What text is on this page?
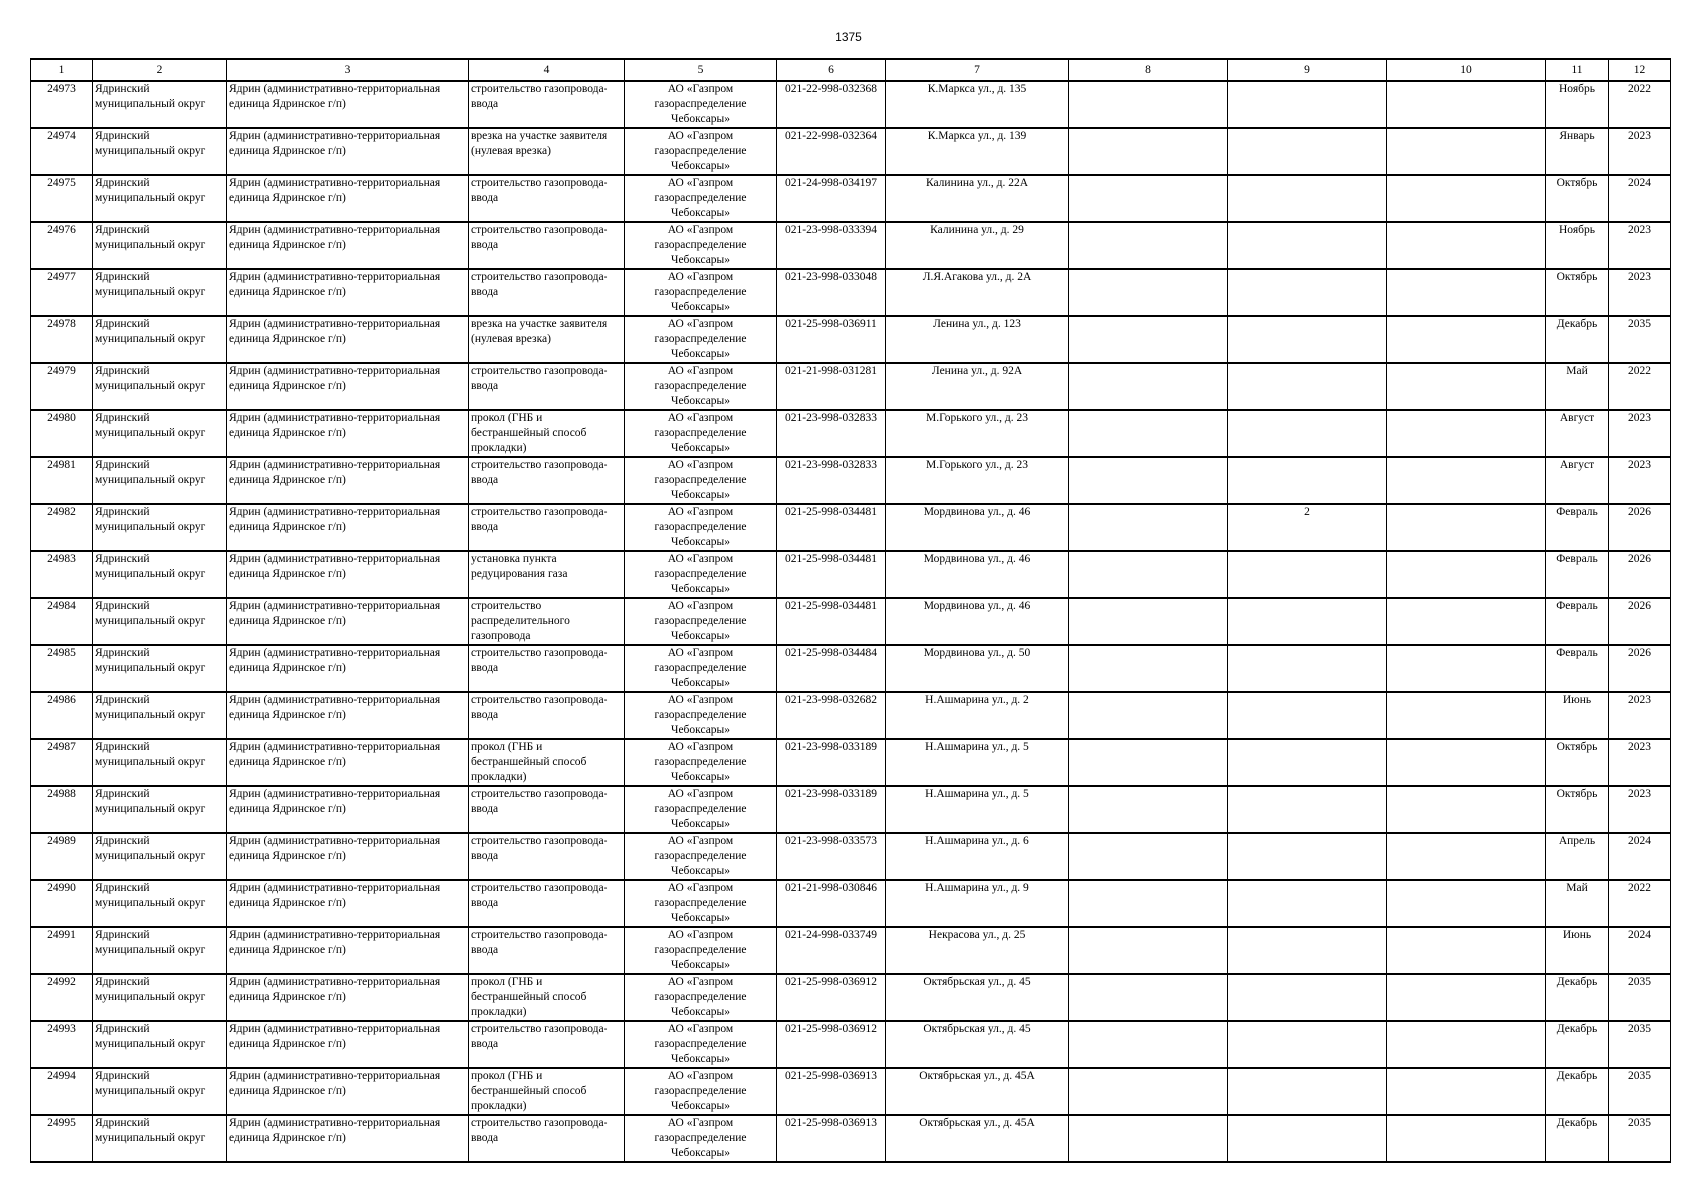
1375
1	2	3	4	5	6	7	8	9	10	11	12
24973	Ядринский муниципальный округ	Ядрин (административно-территориальная единица Ядринское г/п)	строительство газопровода-ввода	АО «Газпром газораспределение Чебоксары»	021-22-998-032368	К.Маркса ул., д. 135				Ноябрь	2022
24974	Ядринский муниципальный округ	Ядрин (административно-территориальная единица Ядринское г/п)	врезка на участке заявителя (нулевая врезка)	АО «Газпром газораспределение Чебоксары»	021-22-998-032364	К.Маркса ул., д. 139				Январь	2023
24975	Ядринский муниципальный округ	Ядрин (административно-территориальная единица Ядринское г/п)	строительство газопровода-ввода	АО «Газпром газораспределение Чебоксары»	021-24-998-034197	Калинина ул., д. 22А				Октябрь	2024
24976	Ядринский муниципальный округ	Ядрин (административно-территориальная единица Ядринское г/п)	строительство газопровода-ввода	АО «Газпром газораспределение Чебоксары»	021-23-998-033394	Калинина ул., д. 29				Ноябрь	2023
24977	Ядринский муниципальный округ	Ядрин (административно-территориальная единица Ядринское г/п)	строительство газопровода-ввода	АО «Газпром газораспределение Чебоксары»	021-23-998-033048	Л.Я.Агакова ул., д. 2А				Октябрь	2023
24978	Ядринский муниципальный округ	Ядрин (административно-территориальная единица Ядринское г/п)	врезка на участке заявителя (нулевая врезка)	АО «Газпром газораспределение Чебоксары»	021-25-998-036911	Ленина ул., д. 123				Декабрь	2035
24979	Ядринский муниципальный округ	Ядрин (административно-территориальная единица Ядринское г/п)	строительство газопровода-ввода	АО «Газпром газораспределение Чебоксары»	021-21-998-031281	Ленина ул., д. 92А				Май	2022
24980	Ядринский муниципальный округ	Ядрин (административно-территориальная единица Ядринское г/п)	прокол (ГНБ и бестраншейный способ прокладки)	АО «Газпром газораспределение Чебоксары»	021-23-998-032833	М.Горького ул., д. 23				Август	2023
24981	Ядринский муниципальный округ	Ядрин (административно-территориальная единица Ядринское г/п)	строительство газопровода-ввода	АО «Газпром газораспределение Чебоксары»	021-23-998-032833	М.Горького ул., д. 23				Август	2023
24982	Ядринский муниципальный округ	Ядрин (административно-территориальная единица Ядринское г/п)	строительство газопровода-ввода	АО «Газпром газораспределение Чебоксары»	021-25-998-034481	Мордвинова ул., д. 46		2		Февраль	2026
24983	Ядринский муниципальный округ	Ядрин (административно-территориальная единица Ядринское г/п)	установка пункта редуцирования газа	АО «Газпром газораспределение Чебоксары»	021-25-998-034481	Мордвинова ул., д. 46				Февраль	2026
24984	Ядринский муниципальный округ	Ядрин (административно-территориальная единица Ядринское г/п)	строительство распределительного газопровода	АО «Газпром газораспределение Чебоксары»	021-25-998-034481	Мордвинова ул., д. 46				Февраль	2026
24985	Ядринский муниципальный округ	Ядрин (административно-территориальная единица Ядринское г/п)	строительство газопровода-ввода	АО «Газпром газораспределение Чебоксары»	021-25-998-034484	Мордвинова ул., д. 50				Февраль	2026
24986	Ядринский муниципальный округ	Ядрин (административно-территориальная единица Ядринское г/п)	строительство газопровода-ввода	АО «Газпром газораспределение Чебоксары»	021-23-998-032682	Н.Ашмарина ул., д. 2				Июнь	2023
24987	Ядринский муниципальный округ	Ядрин (административно-территориальная единица Ядринское г/п)	прокол (ГНБ и бестраншейный способ прокладки)	АО «Газпром газораспределение Чебоксары»	021-23-998-033189	Н.Ашмарина ул., д. 5				Октябрь	2023
24988	Ядринский муниципальный округ	Ядрин (административно-территориальная единица Ядринское г/п)	строительство газопровода-ввода	АО «Газпром газораспределение Чебоксары»	021-23-998-033189	Н.Ашмарина ул., д. 5				Октябрь	2023
24989	Ядринский муниципальный округ	Ядрин (административно-территориальная единица Ядринское г/п)	строительство газопровода-ввода	АО «Газпром газораспределение Чебоксары»	021-23-998-033573	Н.Ашмарина ул., д. 6				Апрель	2024
24990	Ядринский муниципальный округ	Ядрин (административно-территориальная единица Ядринское г/п)	строительство газопровода-ввода	АО «Газпром газораспределение Чебоксары»	021-21-998-030846	Н.Ашмарина ул., д. 9				Май	2022
24991	Ядринский муниципальный округ	Ядрин (административно-территориальная единица Ядринское г/п)	строительство газопровода-ввода	АО «Газпром газораспределение Чебоксары»	021-24-998-033749	Некрасова ул., д. 25				Июнь	2024
24992	Ядринский муниципальный округ	Ядрин (административно-территориальная единица Ядринское г/п)	прокол (ГНБ и бестраншейный способ прокладки)	АО «Газпром газораспределение Чебоксары»	021-25-998-036912	Октябрьская ул., д. 45				Декабрь	2035
24993	Ядринский муниципальный округ	Ядрин (административно-территориальная единица Ядринское г/п)	строительство газопровода-ввода	АО «Газпром газораспределение Чебоксары»	021-25-998-036912	Октябрьская ул., д. 45				Декабрь	2035
24994	Ядринский муниципальный округ	Ядрин (административно-территориальная единица Ядринское г/п)	прокол (ГНБ и бестраншейный способ прокладки)	АО «Газпром газораспределение Чебоксары»	021-25-998-036913	Октябрьская ул., д. 45А				Декабрь	2035
24995	Ядринский муниципальный округ	Ядрин (административно-территориальная единица Ядринское г/п)	строительство газопровода-ввода	АО «Газпром газораспределение Чебоксары»	021-25-998-036913	Октябрьская ул., д. 45А				Декабрь	2035
